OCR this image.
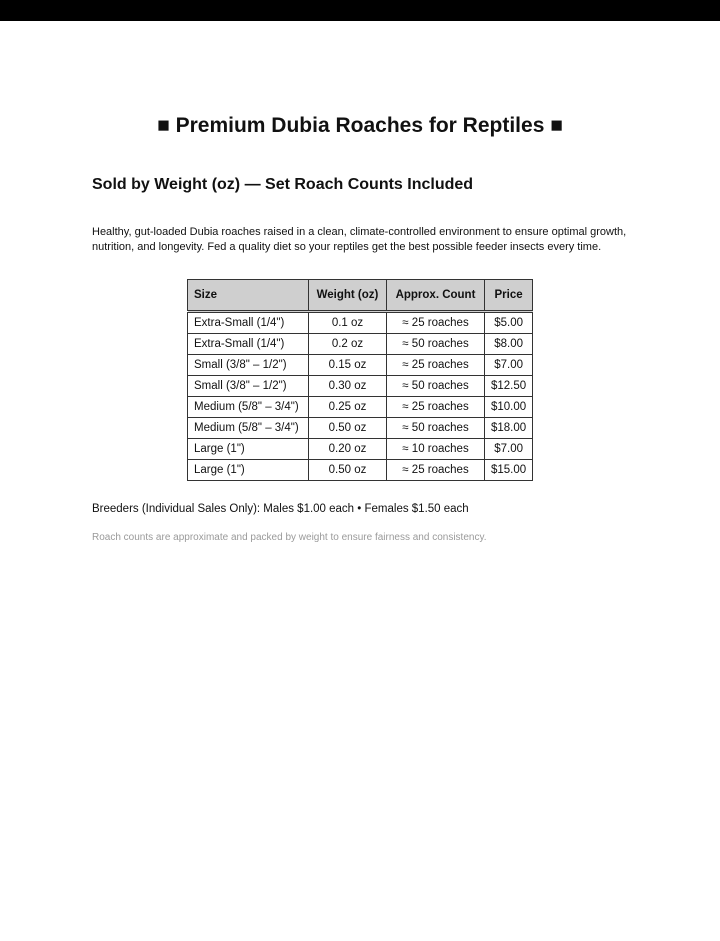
■ Premium Dubia Roaches for Reptiles ■
Sold by Weight (oz) — Set Roach Counts Included
Healthy, gut-loaded Dubia roaches raised in a clean, climate-controlled environment to ensure optimal growth, nutrition, and longevity. Fed a quality diet so your reptiles get the best possible feeder insects every time.
Size	Weight (oz)	Approx. Count	Price
Extra-Small (1/4")	0.1 oz	≈ 25 roaches	$5.00
Extra-Small (1/4")	0.2 oz	≈ 50 roaches	$8.00
Small (3/8" – 1/2")	0.15 oz	≈ 25 roaches	$7.00
Small (3/8" – 1/2")	0.30 oz	≈ 50 roaches	$12.50
Medium (5/8" – 3/4")	0.25 oz	≈ 25 roaches	$10.00
Medium (5/8" – 3/4")	0.50 oz	≈ 50 roaches	$18.00
Large (1")	0.20 oz	≈ 10 roaches	$7.00
Large (1")	0.50 oz	≈ 25 roaches	$15.00
Breeders (Individual Sales Only): Males $1.00 each • Females $1.50 each
Roach counts are approximate and packed by weight to ensure fairness and consistency.
